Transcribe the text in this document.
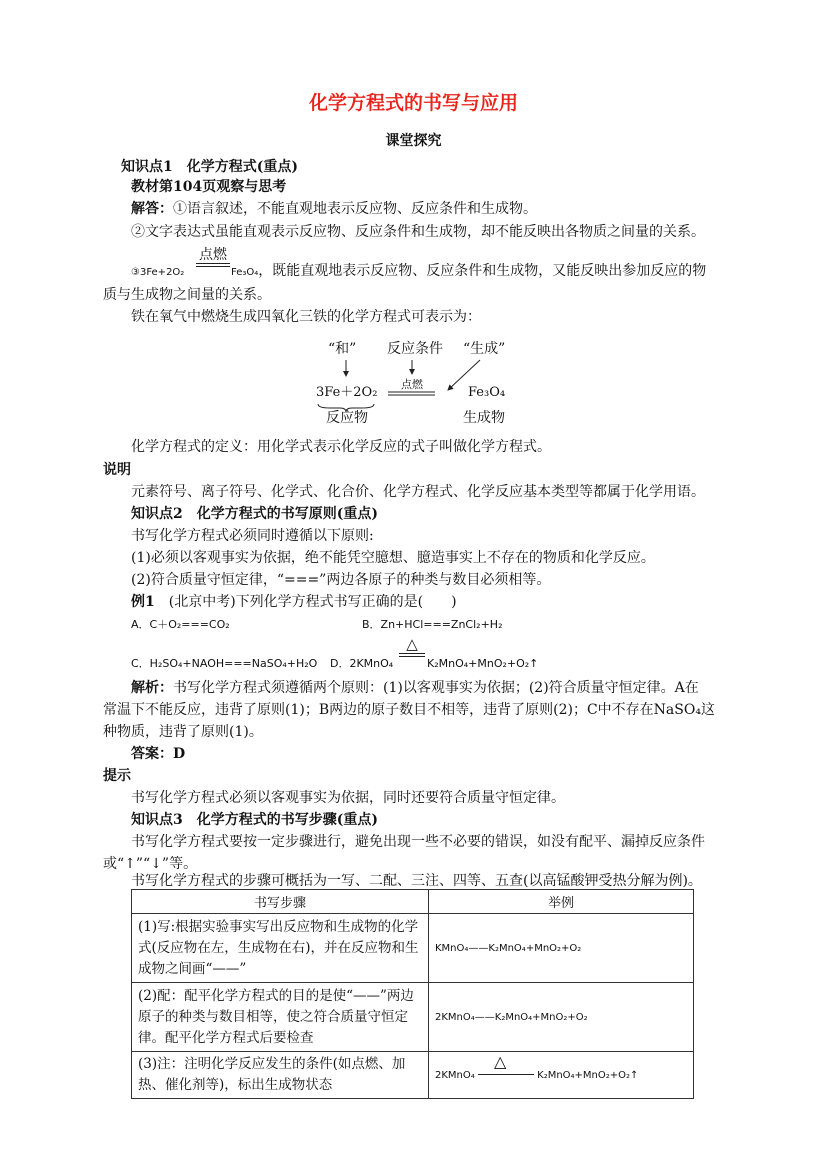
化学方程式的书写与应用
课堂探究
知识点1　化学方程式(重点)
教材第104页观察与思考
解答：①语言叙述，不能直观地表示反应物、反应条件和生成物。
②文字表达式虽能直观表示反应物、反应条件和生成物，却不能反映出各物质之间量的关系。
③3Fe+2O₂
点燃
Fe₃O₄，既能直观地表示反应物、反应条件和生成物，又能反映出参加反应的物
质与生成物之间量的关系。
铁在氧气中燃烧生成四氧化三铁的化学方程式可表示为：
“和” 反应条件 “生成”
3Fe＋2O₂
点燃
Fe₃O₄
反应物	生成物
化学方程式的定义：用化学式表示化学反应的式子叫做化学方程式。
说明
元素符号、离子符号、化学式、化合价、化学方程式、化学反应基本类型等都属于化学用语。
知识点2　化学方程式的书写原则(重点)
书写化学方程式必须同时遵循以下原则:
(1)必须以客观事实为依据，绝不能凭空臆想、臆造事实上不存在的物质和化学反应。
(2)符合质量守恒定律，“===”两边各原子的种类与数目必须相等。
例1　 (北京中考)下列化学方程式书写正确的是(　　)
A．C＋O₂===CO₂	B．Zn+HCl===ZnCl₂+H₂
C．H₂SO₄+NAOH===NaSO₄+H₂O D．2KMnO₄
△
K₂MnO₄+MnO₂+O₂↑
解析：书写化学方程式须遵循两个原则：(1)以客观事实为依据；(2)符合质量守恒定律。A在
常温下不能反应，违背了原则(1)；B两边的原子数目不相等，违背了原则(2)；C中不存在NaSO₄这
种物质，违背了原则(1)。
答案：D
提示
书写化学方程式必须以客观事实为依据，同时还要符合质量守恒定律。
知识点3　化学方程式的书写步骤(重点)
书写化学方程式要按一定步骤进行，避免出现一些不必要的错误，如没有配平、漏掉反应条件
或“↑”“↓”等。
书写化学方程式的步骤可概括为一写、二配、三注、四等、五查(以高锰酸钾受热分解为例)。
书写步骤	举例
(1)写:根据实验事实写出反应物和生成物的化学式(反应物在左，生成物在右)，并在反应物和生成物之间画“——”	KMnO₄——K₂MnO₄+MnO₂+O₂
(2)配：配平化学方程式的目的是使“——”两边原子的种类与数目相等，使之符合质量守恒定律。配平化学方程式后要检查	2KMnO₄——K₂MnO₄+MnO₂+O₂
(3)注：注明化学反应发生的条件(如点燃、加热、催化剂等)，标出生成物状态	2KMnO₄
△
K₂MnO₄+MnO₂+O₂↑
